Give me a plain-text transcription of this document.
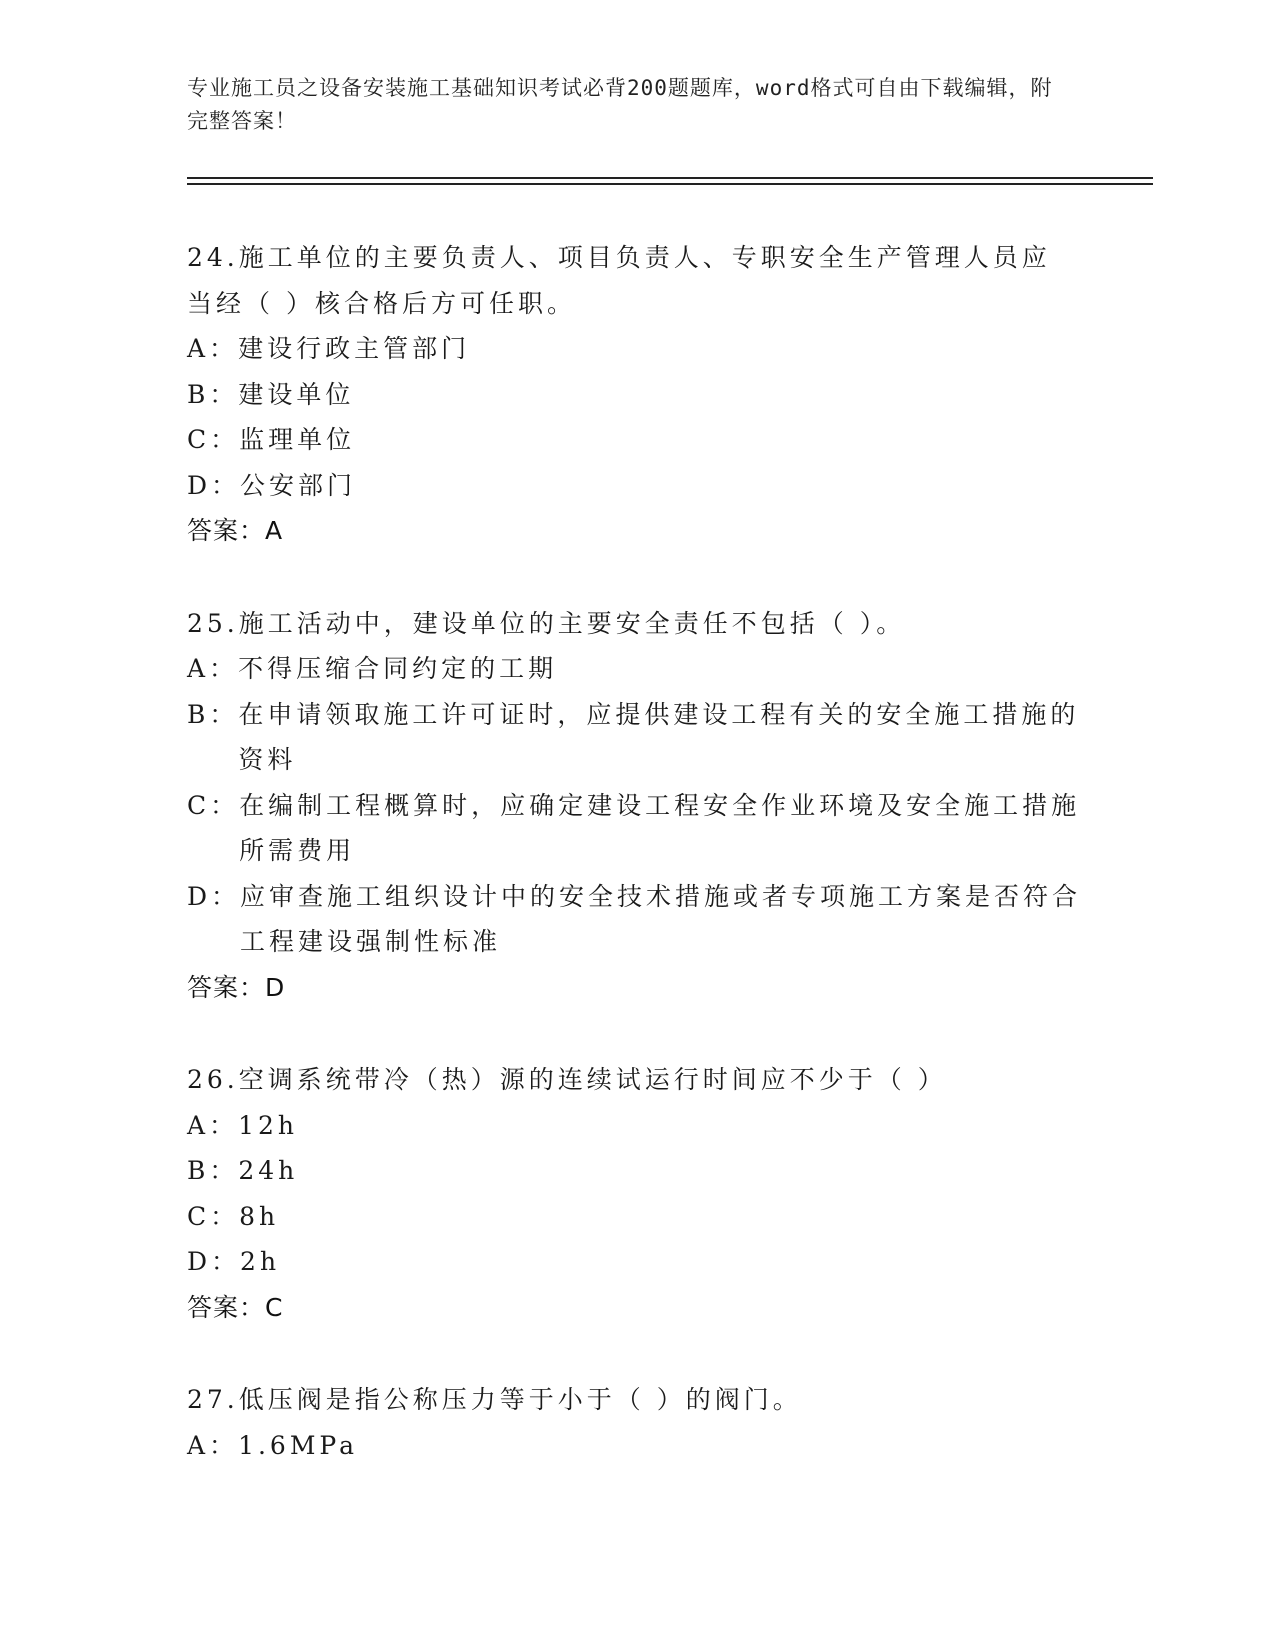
专业施工员之设备安装施工基础知识考试必背200题题库，word格式可自由下载编辑，附完整答案！
24.施工单位的主要负责人、项目负责人、专职安全生产管理人员应当经（ ）核合格后方可任职。
A： 建设行政主管部门
B： 建设单位
C： 监理单位
D： 公安部门
答案：A
25.施工活动中，建设单位的主要安全责任不包括（ ）。
A： 不得压缩合同约定的工期
B： 在申请领取施工许可证时，应提供建设工程有关的安全施工措施的资料
C： 在编制工程概算时，应确定建设工程安全作业环境及安全施工措施所需费用
D： 应审查施工组织设计中的安全技术措施或者专项施工方案是否符合工程建设强制性标准
答案：D
26.空调系统带冷（热）源的连续试运行时间应不少于（ ）
A： 12h
B： 24h
C： 8h
D： 2h
答案：C
27.低压阀是指公称压力等于小于（ ）的阀门。
A： 1.6MPa
